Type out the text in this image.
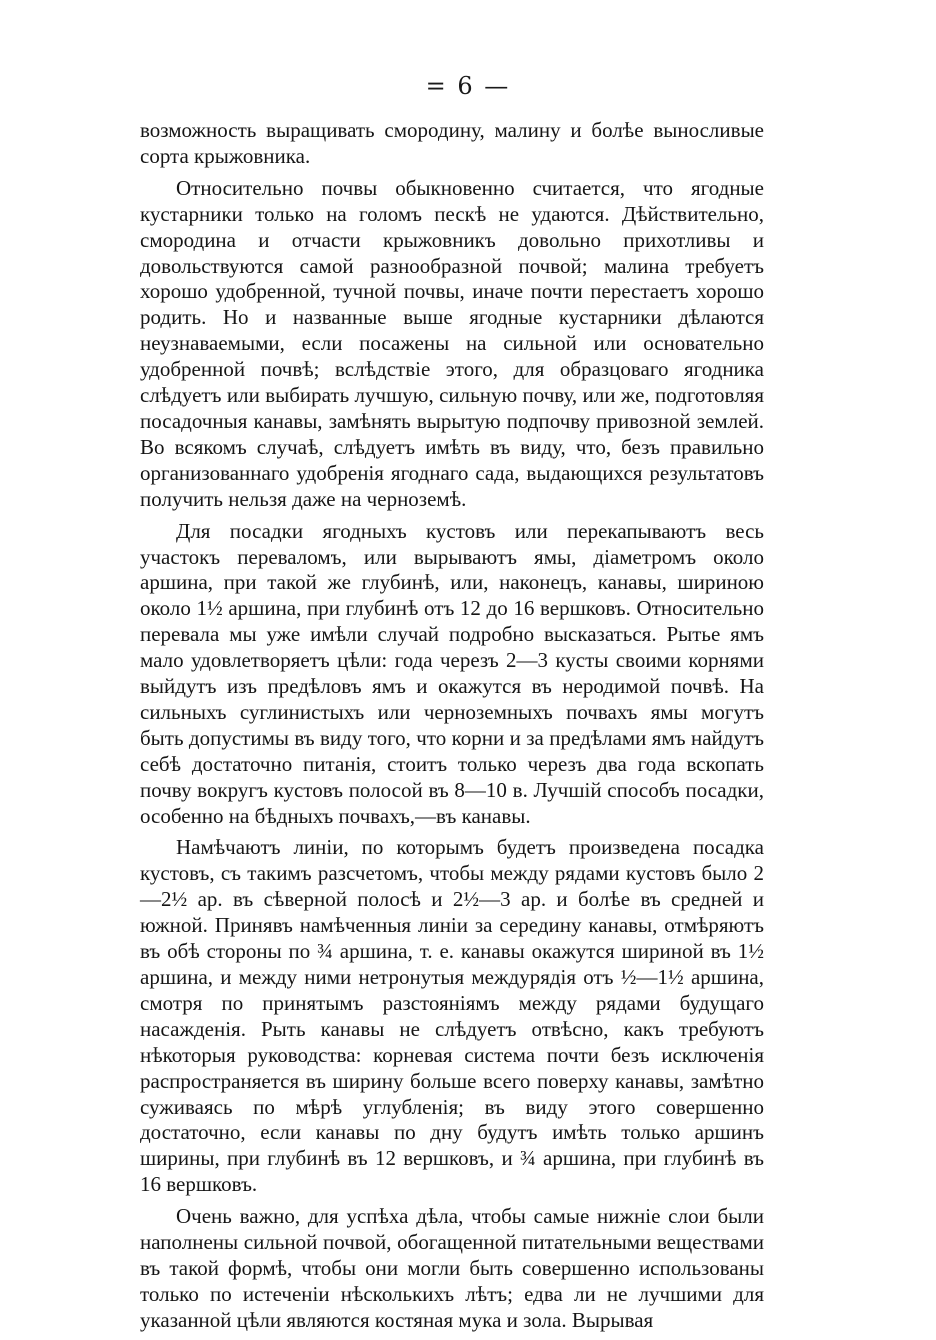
= 6 —

возможность выращивать смородину, малину и болѣе выносливые сорта крыжовника.

Относительно почвы обыкновенно считается, что ягодные кустарники только на голомъ пескѣ не удаются. Дѣйствительно, смородина и отчасти крыжовникъ довольно прихотливы и довольствуются самой разнообразной почвой; малина требуетъ хорошо удобренной, тучной почвы, иначе почти перестаетъ хорошо родить. Но и названные выше ягодные кустарники дѣлаются неузнаваемыми, если посажены на сильной или основательно удобренной почвѣ; вслѣдствіе этого, для образцоваго ягодника слѣдуетъ или выбирать лучшую, сильную почву, или же, подготовляя посадочныя канавы, замѣнять вырытую подпочву привозной землей. Во всякомъ случаѣ, слѣдуетъ имѣть въ виду, что, безъ правильно организованнаго удобренія ягоднаго сада, выдающихся результатовъ получить нельзя даже на черноземѣ.

Для посадки ягодныхъ кустовъ или перекапываютъ весь участокъ переваломъ, или вырываютъ ямы, діаметромъ около аршина, при такой же глубинѣ, или, наконецъ, канавы, шириною около 1½ аршина, при глубинѣ отъ 12 до 16 вершковъ. Относительно перевала мы уже имѣли случай подробно высказаться. Рытье ямъ мало удовлетворяетъ цѣли: года черезъ 2—3 кусты своими корнями выйдутъ изъ предѣловъ ямъ и окажутся въ неродимой почвѣ. На сильныхъ суглинистыхъ или черноземныхъ почвахъ ямы могутъ быть допустимы въ виду того, что корни и за предѣлами ямъ найдутъ себѣ достаточно питанія, стоитъ только черезъ два года вскопать почву вокругъ кустовъ полосой въ 8—10 в. Лучшій способъ посадки, особенно на бѣдныхъ почвахъ,—въ канавы.

Намѣчаютъ линіи, по которымъ будетъ произведена посадка кустовъ, съ такимъ разсчетомъ, чтобы между рядами кустовъ было 2—2½ ар. въ сѣверной полосѣ и 2½—3 ар. и болѣе въ средней и южной. Принявъ намѣченныя линіи за середину канавы, отмѣряютъ въ обѣ стороны по ¾ аршина, т. е. канавы окажутся шириной въ 1½ аршина, и между ними нетронутыя междурядія отъ ½—1½ аршина, смотря по принятымъ разстояніямъ между рядами будущаго насажденія. Рыть канавы не слѣдуетъ отвѣсно, какъ требуютъ нѣкоторыя руководства: корневая система почти безъ исключенія распространяется въ ширину больше всего поверху канавы, замѣтно суживаясь по мѣрѣ углубленія; въ виду этого совершенно достаточно, если канавы по дну будутъ имѣть только аршинъ ширины, при глубинѣ въ 12 вершковъ, и ¾ аршина, при глубинѣ въ 16 вершковъ.

Очень важно, для успѣха дѣла, чтобы самые нижніе слои были наполнены сильной почвой, обогащенной питательными веществами въ такой формѣ, чтобы они могли быть совершенно использованы только по истеченіи нѣсколькихъ лѣтъ; едва ли не лучшими для указанной цѣли являются костяная мука и зола. Вырывая
